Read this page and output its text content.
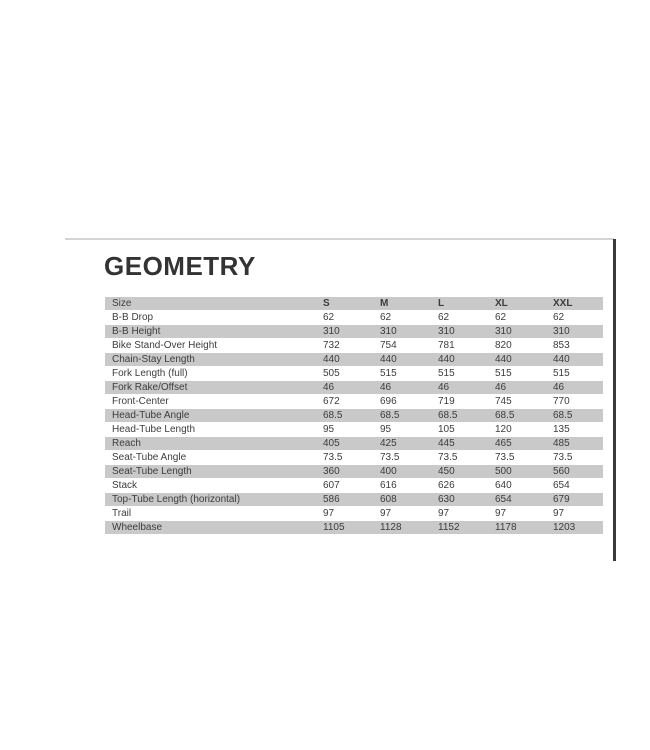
GEOMETRY
Size	S	M	L	XL	XXL
B-B Drop	62	62	62	62	62
B-B Height	310	310	310	310	310
Bike Stand-Over Height	732	754	781	820	853
Chain-Stay Length	440	440	440	440	440
Fork Length (full)	505	515	515	515	515
Fork Rake/Offset	46	46	46	46	46
Front-Center	672	696	719	745	770
Head-Tube Angle	68.5	68.5	68.5	68.5	68.5
Head-Tube Length	95	95	105	120	135
Reach	405	425	445	465	485
Seat-Tube Angle	73.5	73.5	73.5	73.5	73.5
Seat-Tube Length	360	400	450	500	560
Stack	607	616	626	640	654
Top-Tube Length (horizontal)	586	608	630	654	679
Trail	97	97	97	97	97
Wheelbase	1105	1128	1152	1178	1203
